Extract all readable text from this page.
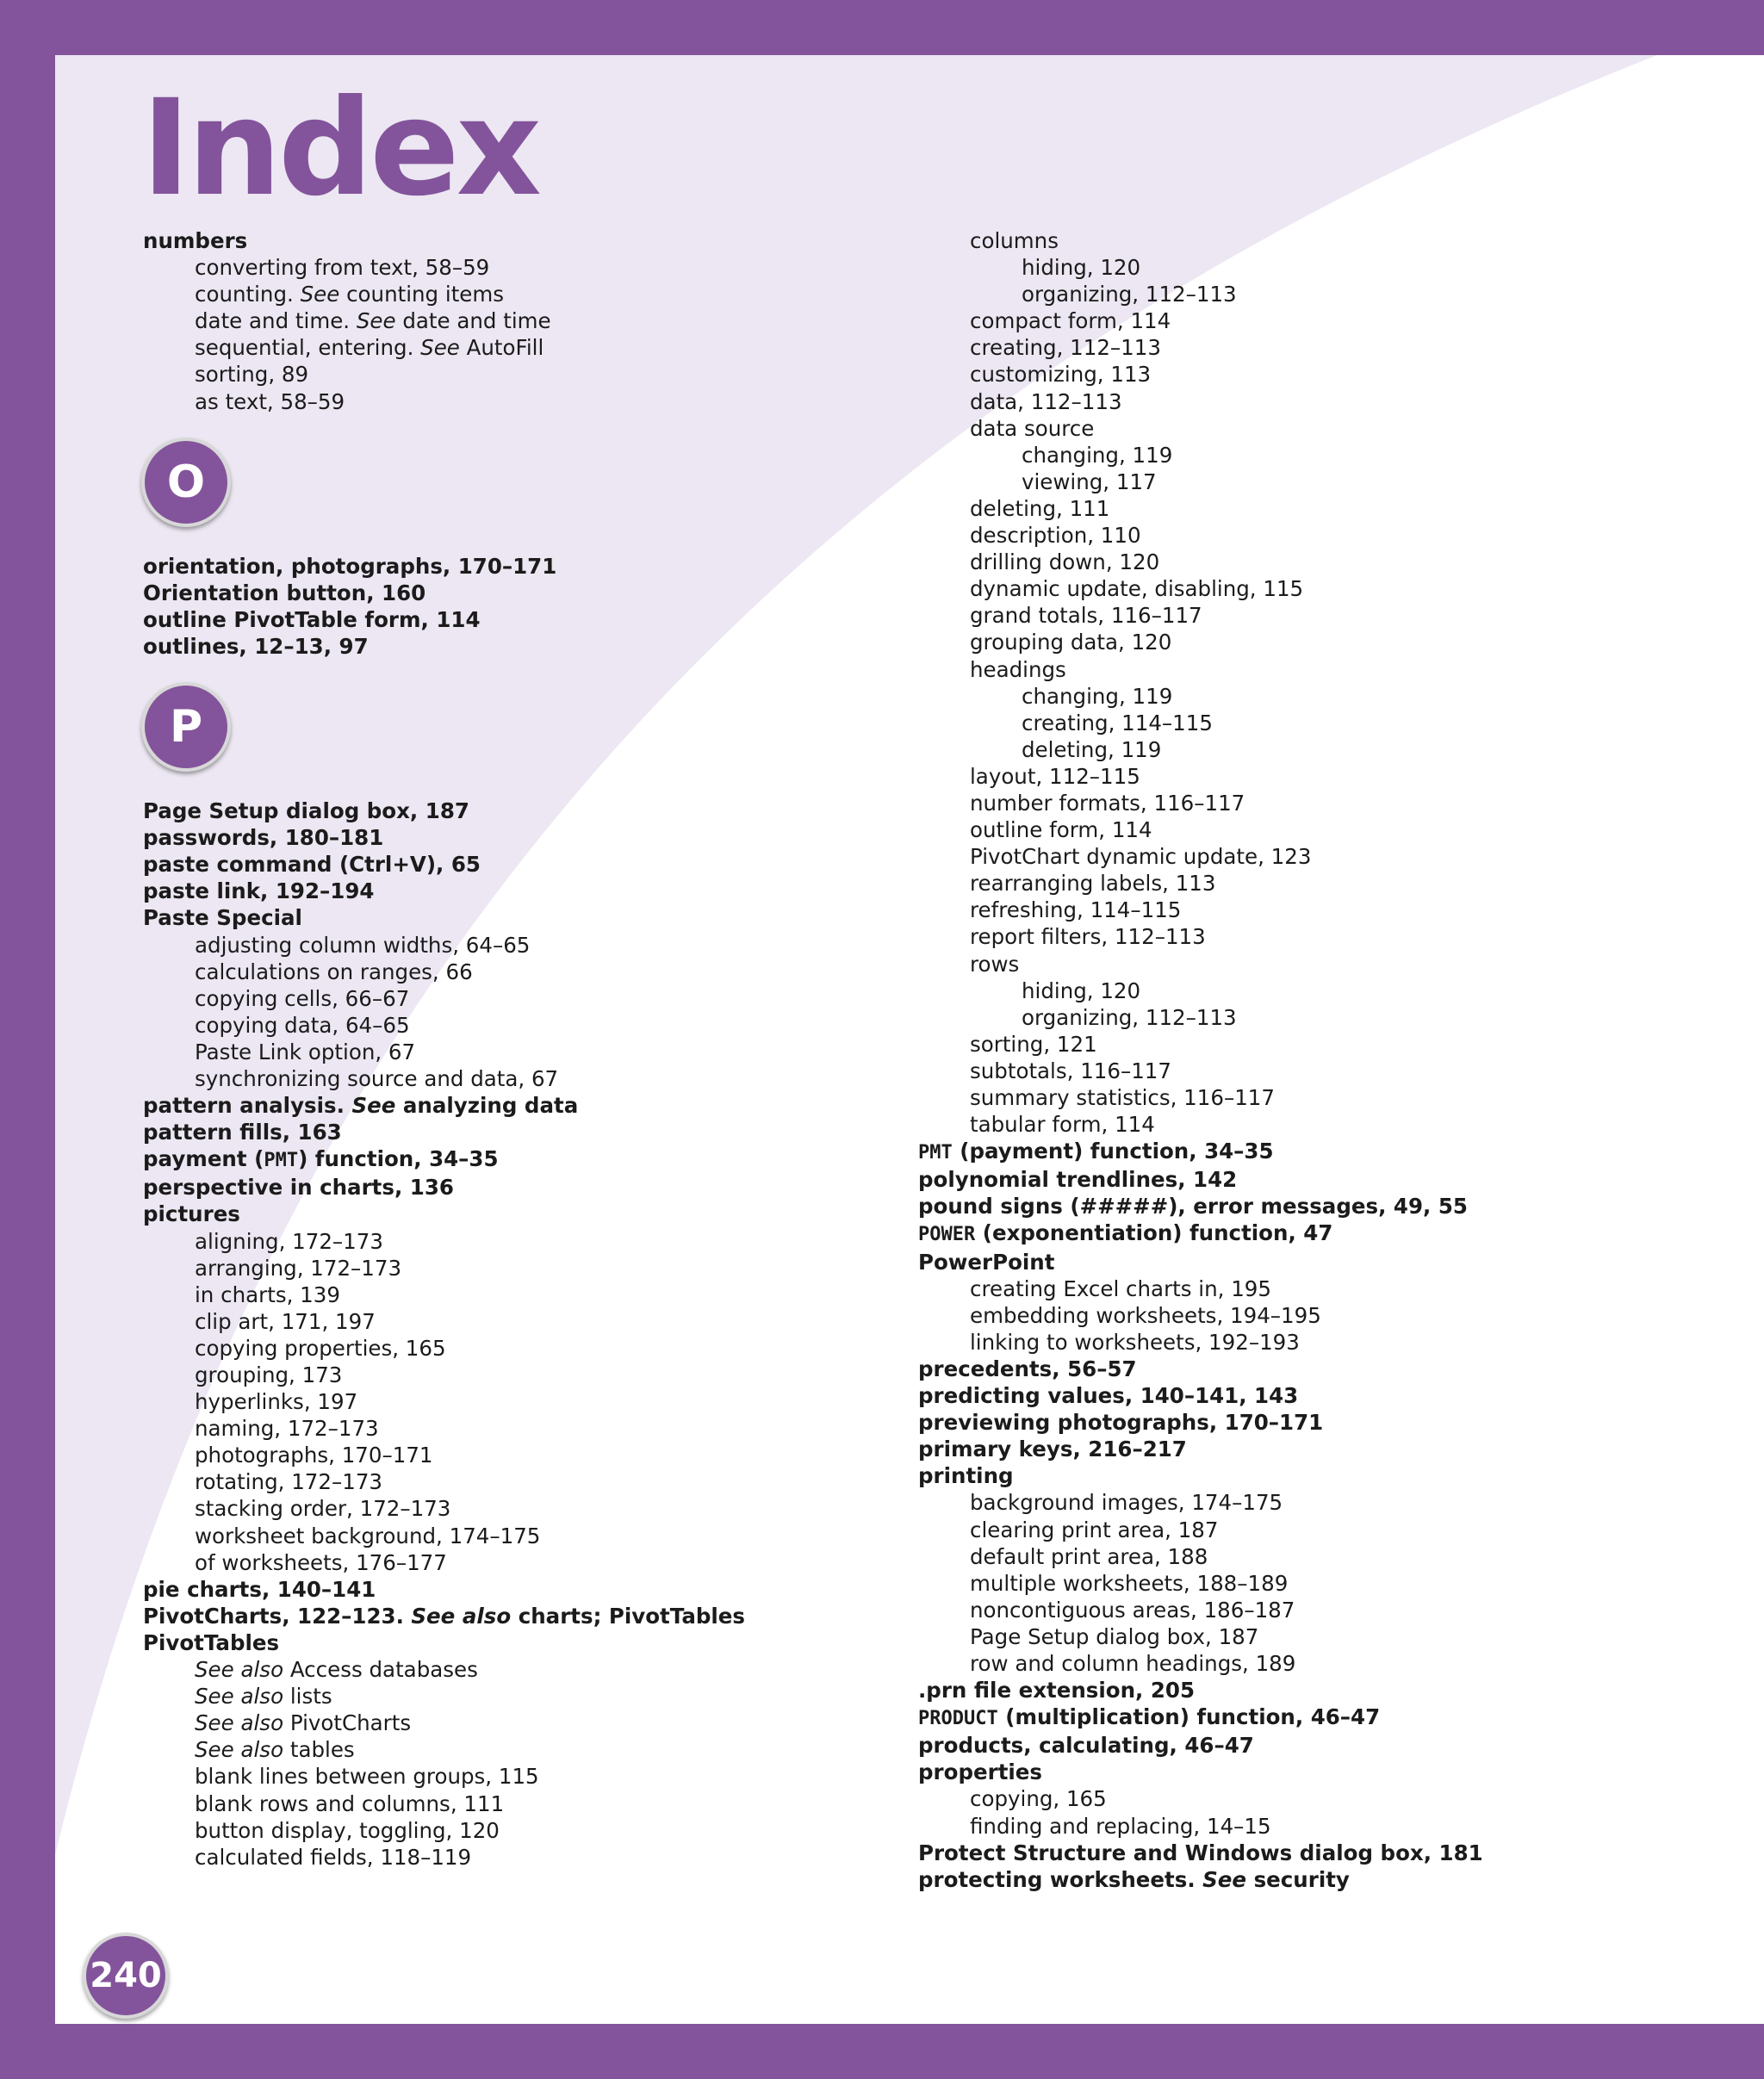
Index
numbers
converting from text, 58–59
counting. See counting items
date and time. See date and time
sequential, entering. See AutoFill
sorting, 89
as text, 58–59
O
orientation, photographs, 170–171
Orientation button, 160
outline PivotTable form, 114
outlines, 12–13, 97
P
Page Setup dialog box, 187
passwords, 180–181
paste command (Ctrl+V), 65
paste link, 192–194
Paste Special
adjusting column widths, 64–65
calculations on ranges, 66
copying cells, 66–67
copying data, 64–65
Paste Link option, 67
synchronizing source and data, 67
pattern analysis. See analyzing data
pattern fills, 163
payment (PMT) function, 34–35
perspective in charts, 136
pictures
aligning, 172–173
arranging, 172–173
in charts, 139
clip art, 171, 197
copying properties, 165
grouping, 173
hyperlinks, 197
naming, 172–173
photographs, 170–171
rotating, 172–173
stacking order, 172–173
worksheet background, 174–175
of worksheets, 176–177
pie charts, 140–141
PivotCharts, 122–123. See also charts; PivotTables
PivotTables
See also Access databases
See also lists
See also PivotCharts
See also tables
blank lines between groups, 115
blank rows and columns, 111
button display, toggling, 120
calculated fields, 118–119
columns
hiding, 120
organizing, 112–113
compact form, 114
creating, 112–113
customizing, 113
data, 112–113
data source
changing, 119
viewing, 117
deleting, 111
description, 110
drilling down, 120
dynamic update, disabling, 115
grand totals, 116–117
grouping data, 120
headings
changing, 119
creating, 114–115
deleting, 119
layout, 112–115
number formats, 116–117
outline form, 114
PivotChart dynamic update, 123
rearranging labels, 113
refreshing, 114–115
report filters, 112–113
rows
hiding, 120
organizing, 112–113
sorting, 121
subtotals, 116–117
summary statistics, 116–117
tabular form, 114
PMT (payment) function, 34–35
polynomial trendlines, 142
pound signs (#####), error messages, 49, 55
POWER (exponentiation) function, 47
PowerPoint
creating Excel charts in, 195
embedding worksheets, 194–195
linking to worksheets, 192–193
precedents, 56–57
predicting values, 140–141, 143
previewing photographs, 170–171
primary keys, 216–217
printing
background images, 174–175
clearing print area, 187
default print area, 188
multiple worksheets, 188–189
noncontiguous areas, 186–187
Page Setup dialog box, 187
row and column headings, 189
.prn file extension, 205
PRODUCT (multiplication) function, 46–47
products, calculating, 46–47
properties
copying, 165
finding and replacing, 14–15
Protect Structure and Windows dialog box, 181
protecting worksheets. See security
240
